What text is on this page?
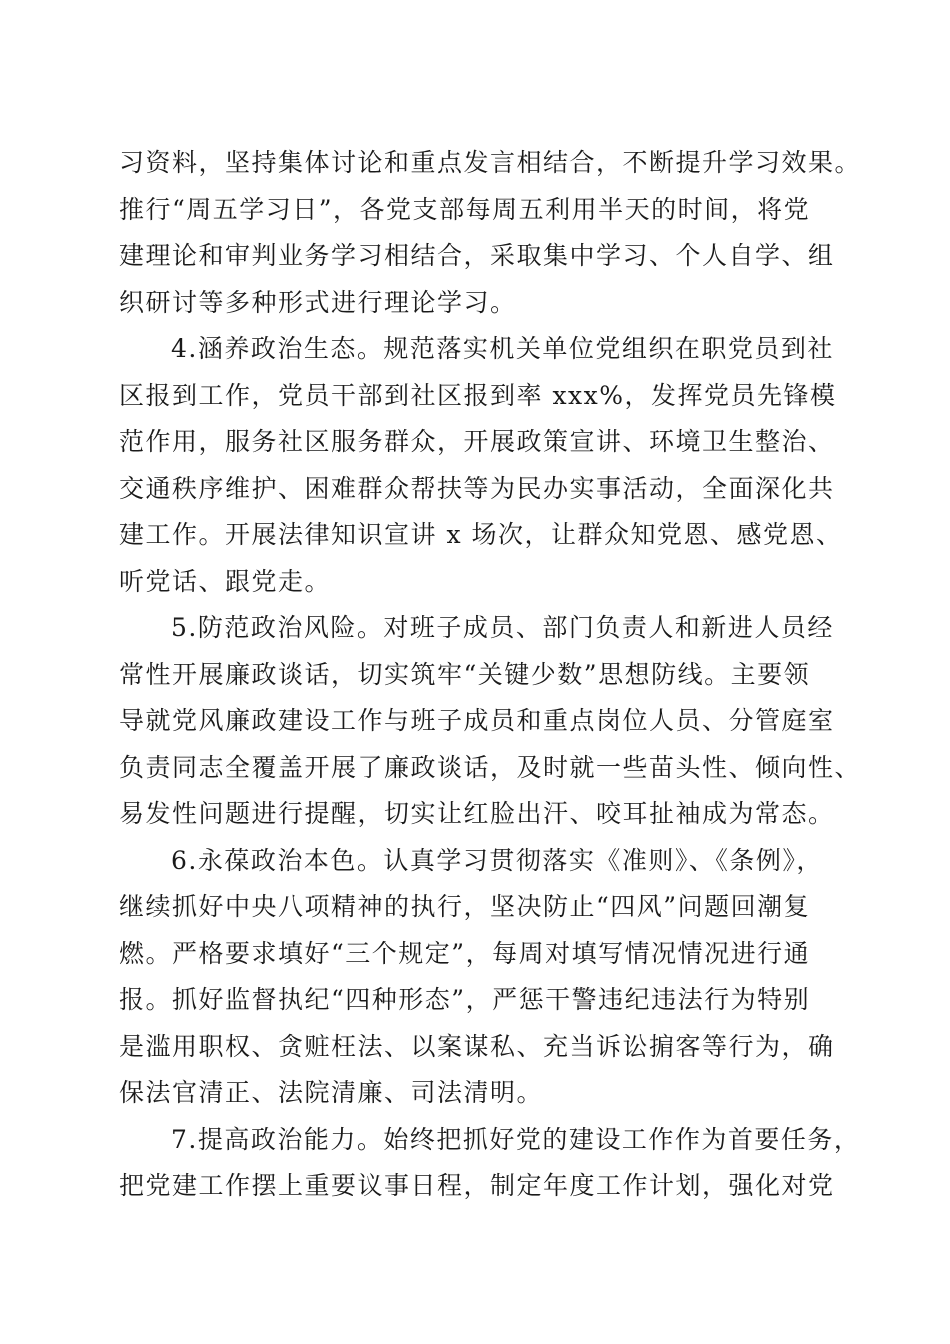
习资料，坚持集体讨论和重点发言相结合，不断提升学习效果。
推行“周五学习日”，各党支部每周五利用半天的时间，将党
建理论和审判业务学习相结合，采取集中学习、个人自学、组
织研讨等多种形式进行理论学习。
4.涵养政治生态。规范落实机关单位党组织在职党员到社
区报到工作，党员干部到社区报到率 xxx%，发挥党员先锋模
范作用，服务社区服务群众，开展政策宣讲、环境卫生整治、
交通秩序维护、困难群众帮扶等为民办实事活动，全面深化共
建工作。开展法律知识宣讲 x 场次，让群众知党恩、感党恩、
听党话、跟党走。
5.防范政治风险。对班子成员、部门负责人和新进人员经
常性开展廉政谈话，切实筑牢“关键少数”思想防线。主要领
导就党风廉政建设工作与班子成员和重点岗位人员、分管庭室
负责同志全覆盖开展了廉政谈话，及时就一些苗头性、倾向性、
易发性问题进行提醒，切实让红脸出汗、咬耳扯袖成为常态。
6.永葆政治本色。认真学习贯彻落实《准则》、《条例》，
继续抓好中央八项精神的执行，坚决防止“四风”问题回潮复
燃。严格要求填好“三个规定”，每周对填写情况情况进行通
报。抓好监督执纪“四种形态”，严惩干警违纪违法行为特别
是滥用职权、贪赃枉法、以案谋私、充当诉讼掮客等行为，确
保法官清正、法院清廉、司法清明。
7.提高政治能力。始终把抓好党的建设工作作为首要任务，
把党建工作摆上重要议事日程，制定年度工作计划，强化对党
